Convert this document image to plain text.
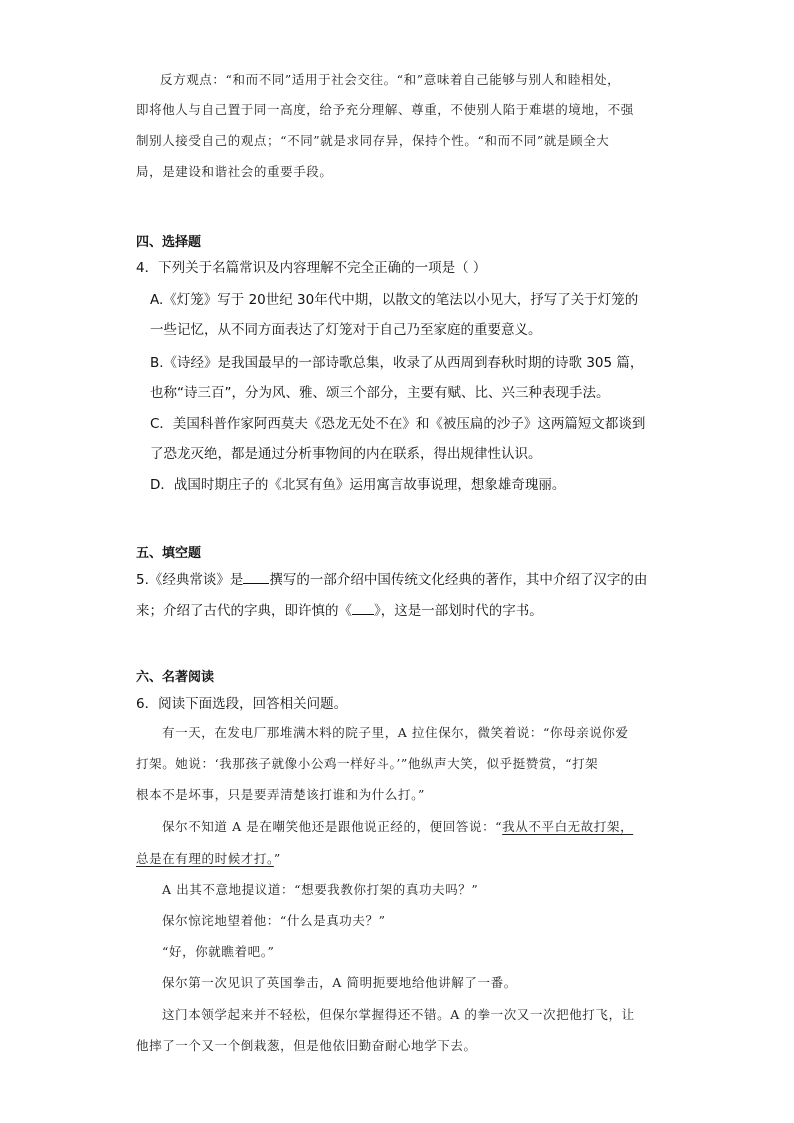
反方观点：“和而不同”适用于社会交往。“和”意味着自己能够与别人和睦相处，
即将他人与自己置于同一高度，给予充分理解、尊重，不使别人陷于难堪的境地，不强
制别人接受自己的观点；“不同”就是求同存异，保持个性。“和而不同”就是顾全大
局，是建设和谐社会的重要手段。
四、选择题
4．下列关于名篇常识及内容理解不完全正确的一项是（ ）
A.《灯笼》写于 20世纪 30年代中期，以散文的笔法以小见大，抒写了关于灯笼的
一些记忆，从不同方面表达了灯笼对于自己乃至家庭的重要意义。
B.《诗经》是我国最早的一部诗歌总集，收录了从西周到春秋时期的诗歌 305 篇，
也称“诗三百”，分为风、雅、颂三个部分，主要有赋、比、兴三种表现手法。
C．美国科普作家阿西莫夫《恐龙无处不在》和《被压扁的沙子》这两篇短文都谈到
了恐龙灭绝，都是通过分析事物间的内在联系，得出规律性认识。
D．战国时期庄子的《北冥有鱼》运用寓言故事说理，想象雄奇瑰丽。
五、填空题
5.《经典常谈》是 撰写的一部介绍中国传统文化经典的著作，其中介绍了汉字的由
来；介绍了古代的字典，即许慎的《 》，这是一部划时代的字书。
六、名著阅读
6．阅读下面选段，回答相关问题。
有一天，在发电厂那堆满木料的院子里，A 拉住保尔，微笑着说：“你母亲说你爱
打架。她说：‘我那孩子就像小公鸡一样好斗。’”他纵声大笑，似乎挺赞赏，“打架
根本不是坏事，只是要弄清楚该打谁和为什么打。”
保尔不知道 A 是在嘲笑他还是跟他说正经的，便回答说：“我从不平白无故打架，
总是在有理的时候才打。”
A 出其不意地提议道：“想要我教你打架的真功夫吗？”
保尔惊诧地望着他：“什么是真功夫？”
“好，你就瞧着吧。”
保尔第一次见识了英国拳击，A 简明扼要地给他讲解了一番。
这门本领学起来并不轻松，但保尔掌握得还不错。A 的拳一次又一次把他打飞，让
他摔了一个又一个倒栽葱，但是他依旧勤奋耐心地学下去。
